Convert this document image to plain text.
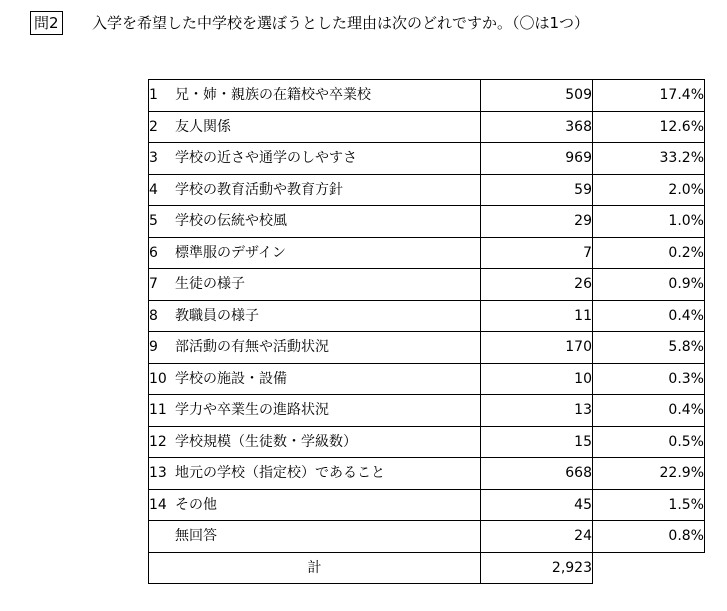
問2 入学を希望した中学校を選ぼうとした理由は次のどれですか。（〇は1つ）
1 兄・姉・親族の在籍校や卒業校	509	17.4%
2 友人関係	368	12.6%
3 学校の近さや通学のしやすさ	969	33.2%
4 学校の教育活動や教育方針	59	2.0%
5 学校の伝統や校風	29	1.0%
6 標準服のデザイン	7	0.2%
7 生徒の様子	26	0.9%
8 教職員の様子	11	0.4%
9 部活動の有無や活動状況	170	5.8%
10 学校の施設・設備	10	0.3%
11 学力や卒業生の進路状況	13	0.4%
12 学校規模（生徒数・学級数）	15	0.5%
13 地元の学校（指定校）であること	668	22.9%
14 その他	45	1.5%
無回答	24	0.8%
計	2,923	
